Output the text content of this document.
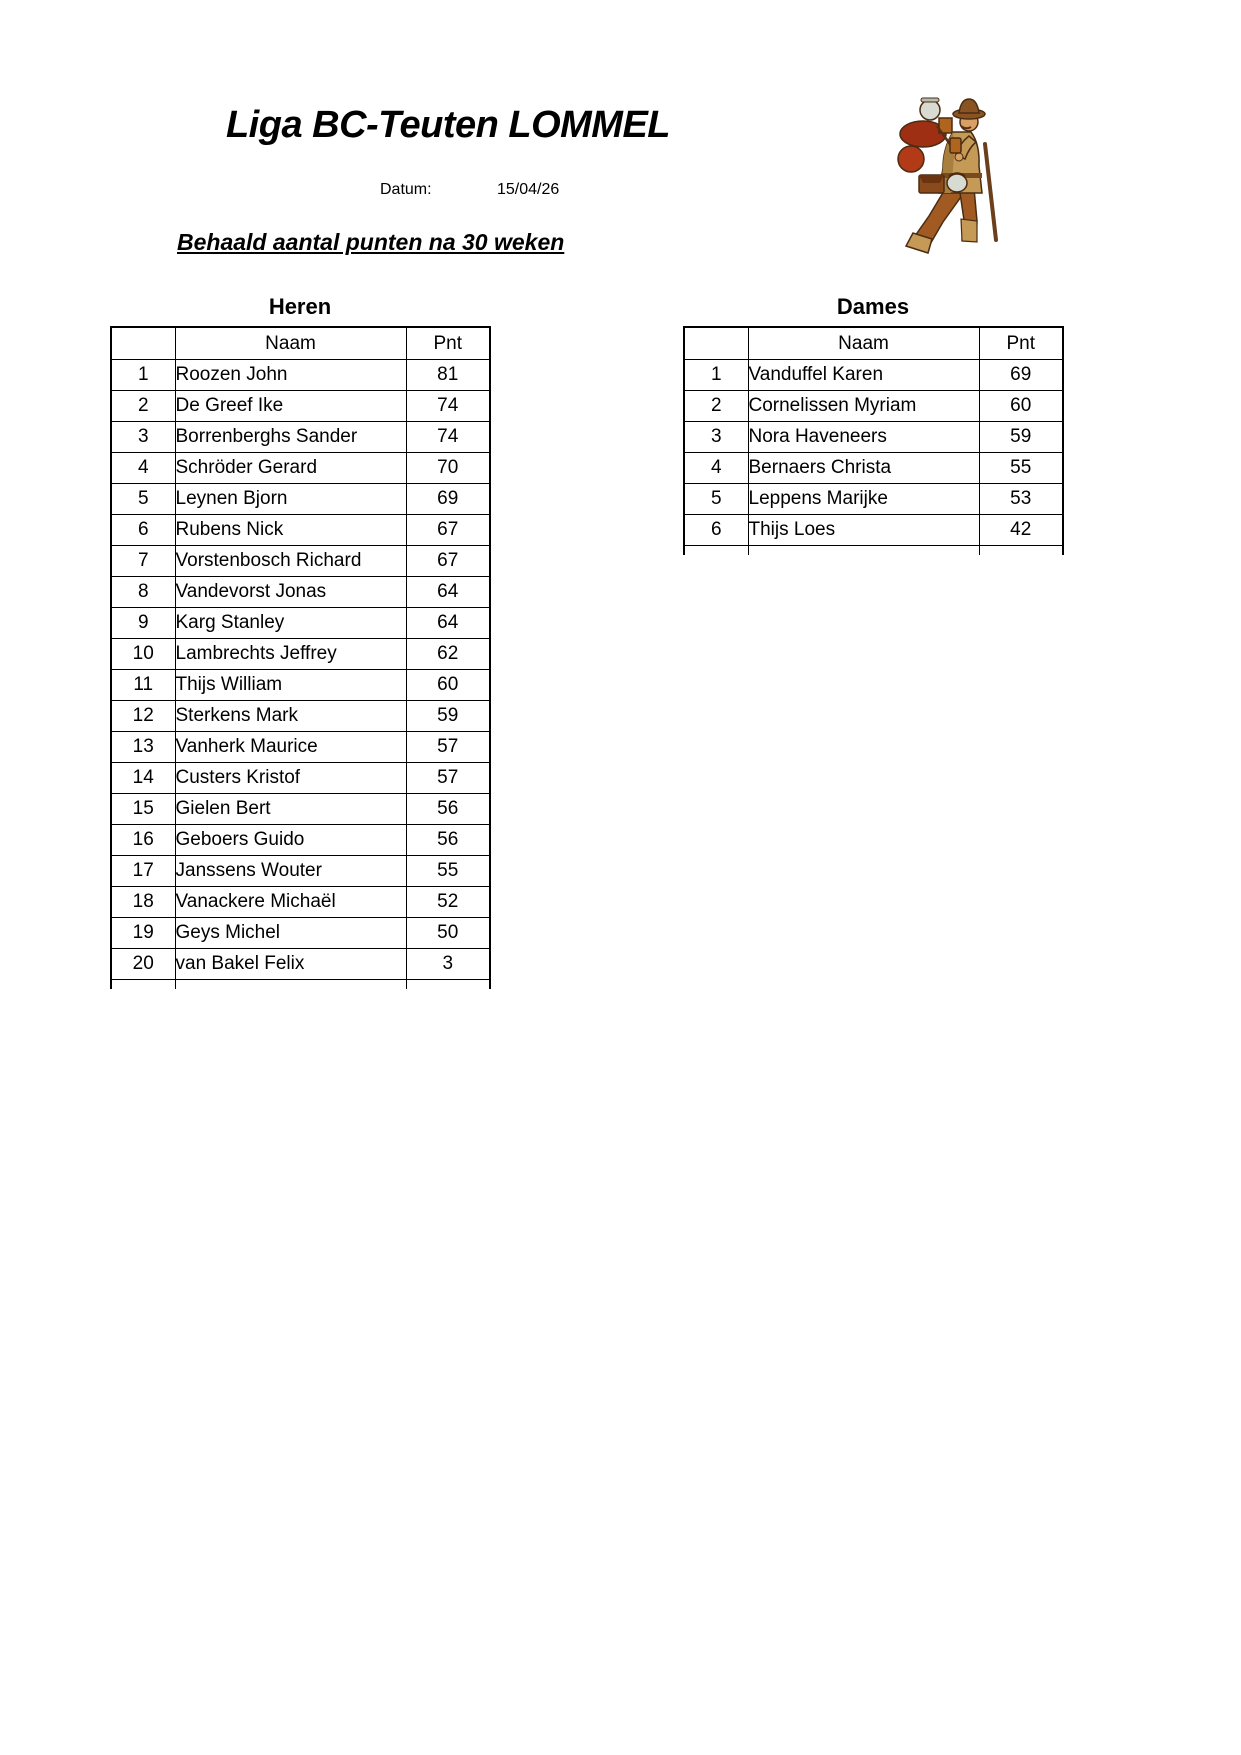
Liga BC-Teuten LOMMEL
Datum:	15/04/26
Behaald aantal punten na 30 weken
Heren
	Naam	Pnt
1	Roozen John	81
2	De Greef Ike	74
3	Borrenberghs Sander	74
4	Schröder Gerard	70
5	Leynen Bjorn	69
6	Rubens Nick	67
7	Vorstenbosch Richard	67
8	Vandevorst Jonas	64
9	Karg Stanley	64
10	Lambrechts Jeffrey	62
11	Thijs William	60
12	Sterkens Mark	59
13	Vanherk Maurice	57
14	Custers Kristof	57
15	Gielen Bert	56
16	Geboers Guido	56
17	Janssens Wouter	55
18	Vanackere Michaël	52
19	Geys Michel	50
20	van Bakel Felix	3

Dames
	Naam	Pnt
1	Vanduffel Karen	69
2	Cornelissen Myriam	60
3	Nora Haveneers	59
4	Bernaers Christa	55
5	Leppens Marijke	53
6	Thijs Loes	42
